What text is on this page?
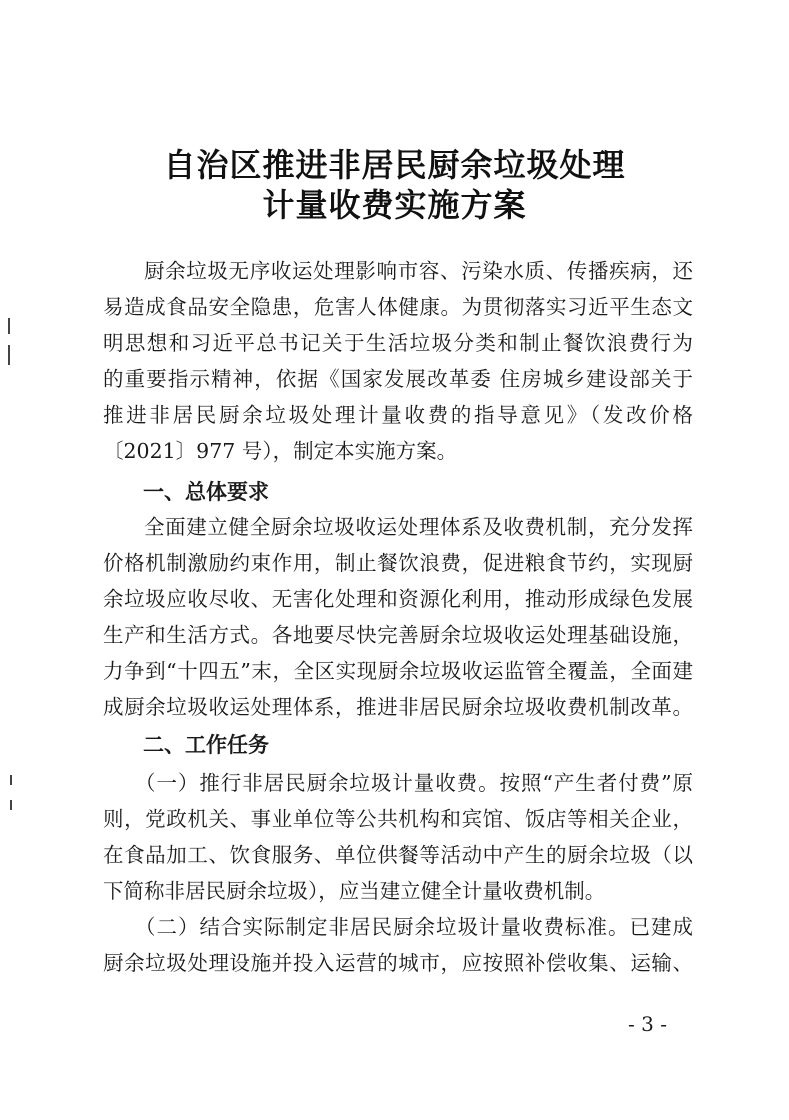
自治区推进非居民厨余垃圾处理
计量收费实施方案
厨余垃圾无序收运处理影响市容、污染水质、传播疾病，还
易造成食品安全隐患，危害人体健康。为贯彻落实习近平生态文
明思想和习近平总书记关于生活垃圾分类和制止餐饮浪费行为
的重要指示精神，依据《国家发展改革委 住房城乡建设部关于
推进非居民厨余垃圾处理计量收费的指导意见》（发改价格
〔2021〕977 号），制定本实施方案。
一、总体要求
全面建立健全厨余垃圾收运处理体系及收费机制，充分发挥
价格机制激励约束作用，制止餐饮浪费，促进粮食节约，实现厨
余垃圾应收尽收、无害化处理和资源化利用，推动形成绿色发展
生产和生活方式。各地要尽快完善厨余垃圾收运处理基础设施，
力争到“十四五”末，全区实现厨余垃圾收运监管全覆盖，全面建
成厨余垃圾收运处理体系，推进非居民厨余垃圾收费机制改革。
二、工作任务
（一）推行非居民厨余垃圾计量收费。按照“产生者付费”原
则，党政机关、事业单位等公共机构和宾馆、饭店等相关企业，
在食品加工、饮食服务、单位供餐等活动中产生的厨余垃圾（以
下简称非居民厨余垃圾），应当建立健全计量收费机制。
（二）结合实际制定非居民厨余垃圾计量收费标准。已建成
厨余垃圾处理设施并投入运营的城市，应按照补偿收集、运输、
- 3 -
